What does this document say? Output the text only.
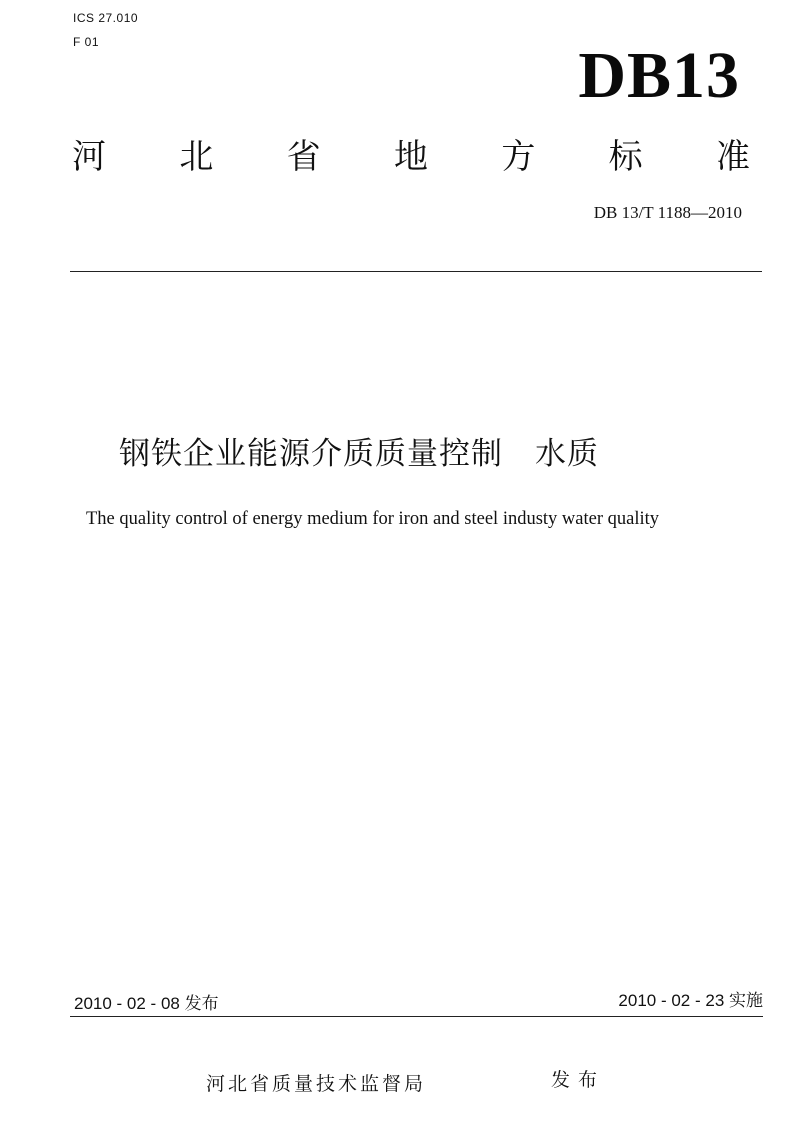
ICS 27.010
F 01	DB13
河 北 省 地 方 标 准
DB 13/T 1188—2010
钢铁企业能源介质质量控制　水质
The quality control of energy medium for iron and steel industy water quality
2010 - 02 - 08 发布	2010 - 02 - 23 实施
河北省质量技术监督局	发布
